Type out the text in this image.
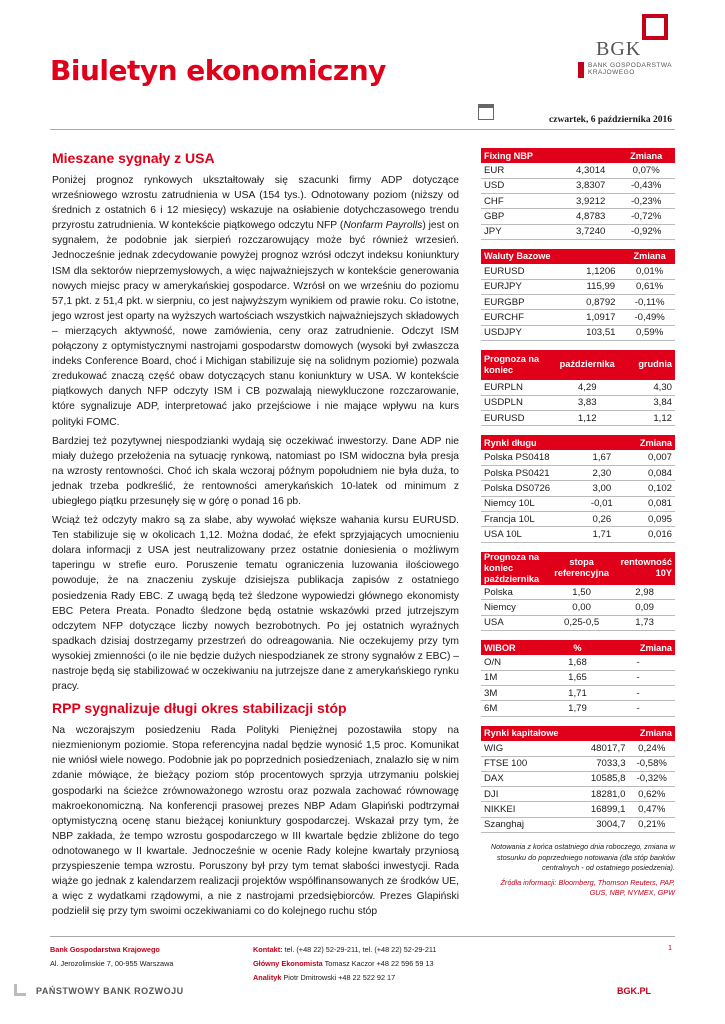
Biuletyn ekonomiczny
BGK
BANK GOSPODARSTWA
KRAJOWEGO
czwartek, 6 października 2016
Mieszane sygnały z USA

Poniżej prognoz rynkowych ukształtowały się szacunki firmy ADP dotyczące wrześniowego wzrostu zatrudnienia w USA (154 tys.). Odnotowany poziom (niższy od średnich z ostatnich 6 i 12 miesięcy) wskazuje na osłabienie dotychczasowego trendu przyrostu zatrudnienia. W kontekście piątkowego odczytu NFP (Nonfarm Payrolls) jest on sygnałem, że podobnie jak sierpień rozczarowujący może być również wrzesień. Jednocześnie jednak zdecydowanie powyżej prognoz wzrósł odczyt indeksu koniunktury ISM dla sektorów nieprzemysłowych, a więc najważniejszych w kontekście generowania nowych miejsc pracy w amerykańskiej gospodarce. Wzrósł on we wrześniu do poziomu 57,1 pkt. z 51,4 pkt. w sierpniu, co jest najwyższym wynikiem od prawie roku. Co istotne, jego wzrost jest oparty na wyższych wartościach wszystkich najważniejszych składowych – mierzących aktywność, nowe zamówienia, ceny oraz zatrudnienie. Odczyt ISM połączony z optymistycznymi nastrojami gospodarstw domowych (wysoki był zwłaszcza indeks Conference Board, choć i Michigan stabilizuje się na solidnym poziomie) pozwala zredukować znaczą część obaw dotyczących stanu koniunktury w USA. W kontekście piątkowych danych NFP odczyty ISM i CB pozwalają niewykluczone rozczarowanie, które sygnalizuje ADP, interpretować jako przejściowe i nie mające wpływu na kurs polityki FOMC.

Bardziej też pozytywnej niespodzianki wydają się oczekiwać inwestorzy. Dane ADP nie miały dużego przełożenia na sytuację rynkową, natomiast po ISM widoczna była presja na wzrosty rentowności. Choć ich skala wczoraj późnym popołudniem nie była duża, to jednak trzeba podkreślić, że rentowności amerykańskich 10-latek od minimum z ubiegłego piątku przesunęły się w górę o ponad 16 pb.

Wciąż też odczyty makro są za słabe, aby wywołać większe wahania kursu EURUSD. Ten stabilizuje się w okolicach 1,12. Można dodać, że efekt sprzyjających umocnieniu dolara informacji z USA jest neutralizowany przez ostatnie doniesienia o możliwym taperingu w strefie euro. Poruszenie tematu ograniczenia luzowania ilościowego powoduje, że na znaczeniu zyskuje dzisiejsza publikacja zapisów z ostatniego posiedzenia Rady EBC. Z uwagą będą też śledzone wypowiedzi głównego ekonomisty EBC Petera Preata. Ponadto śledzone będą ostatnie wskazówki przed jutrzejszym odczytem NFP dotyczące liczby nowych bezrobotnych. Po jej ostatnich wyraźnych spadkach dzisiaj dostrzegamy przestrzeń do odreagowania. Nie oczekujemy przy tym wysokiej zmienności (o ile nie będzie dużych niespodzianek ze strony sygnałów z EBC) – nastroje będą się stabilizować w oczekiwaniu na jutrzejsze dane z amerykańskiego rynku pracy.

RPP sygnalizuje długi okres stabilizacji stóp

Na wczorajszym posiedzeniu Rada Polityki Pieniężnej pozostawiła stopy na niezmienionym poziomie. Stopa referencyjna nadal będzie wynosić 1,5 proc. Komunikat nie wniósł wiele nowego. Podobnie jak po poprzednich posiedzeniach, znalazło się w nim zdanie mówiące, że bieżący poziom stóp procentowych sprzyja utrzymaniu polskiej gospodarki na ścieżce zrównoważonego wzrostu oraz pozwala zachować równowagę makroekonomiczną. Na konferencji prasowej prezes NBP Adam Glapiński podtrzymał optymistyczną ocenę stanu bieżącej koniunktury gospodarczej. Wskazał przy tym, że NBP zakłada, że tempo wzrostu gospodarczego w III kwartale będzie zbliżone do tego odnotowanego w II kwartale. Jednocześnie w ocenie Rady kolejne kwartały przyniosą przyspieszenie tempa wzrostu. Poruszony był przy tym temat słabości inwestycji. Rada wiąże go jednak z kalendarzem realizacji projektów współfinansowanych ze środków UE, a więc z wydatkami rządowymi, a nie z nastrojami przedsiębiorców. Prezes Glapiński podzielił się przy tym swoimi oczekiwaniami co do kolejnego ruchu stóp

Fixing NBP		Zmiana
EUR	4,3014	0,07%
USD	3,8307	-0,43%
CHF	3,9212	-0,23%
GBP	4,8783	-0,72%
JPY	3,7240	-0,92%
Waluty Bazowe		Zmiana
EURUSD	1,1206	0,01%
EURJPY	115,99	0,61%
EURGBP	0,8792	-0,11%
EURCHF	1,0917	-0,49%
USDJPY	103,51	0,59%
Prognoza na koniec	października	grudnia
EURPLN	4,29	4,30
USDPLN	3,83	3,84
EURUSD	1,12	1,12
Rynki długu		Zmiana
Polska PS0418	1,67	0,007
Polska PS0421	2,30	0,084
Polska DS0726	3,00	0,102
Niemcy 10L	-0,01	0,081
Francja 10L	0,26	0,095
USA 10L	1,71	0,016
Prognoza na koniec października	stopa referencyjna	rentowność 10Y
Polska	1,50	2,98
Niemcy	0,00	0,09
USA	0,25-0,5	1,73
WIBOR	%	Zmiana
O/N	1,68	-
1M	1,65	-
3M	1,71	-
6M	1,79	-
Rynki kapitałowe		Zmiana
WIG	48017,7	0,24%
FTSE 100	7033,3	-0,58%
DAX	10585,8	-0,32%
DJI	18281,0	0,62%
NIKKEI	16899,1	0,47%
Szanghaj	3004,7	0,21%
Notowania z końca ostatniego dnia roboczego, zmiana w stosunku do poprzedniego notowania (dla stóp banków centralnych - od ostatniego posiedzenia).
Źródła informacji: Bloomberg, Thomson Reuters, PAP, GUS, NBP, NYMEX, GPW
Bank Gospodarstwa Krajowego
Al. Jerozolimskie 7, 00-955 Warszawa
Kontakt: tel. (+48 22) 52-29-211, tel. (+48 22) 52-29-211
Główny Ekonomista Tomasz Kaczor +48 22 596 59 13
Analityk Piotr Dmitrowski +48 22 522 92 17
1
PAŃSTWOWY BANK ROZWOJU	BGK.PL
